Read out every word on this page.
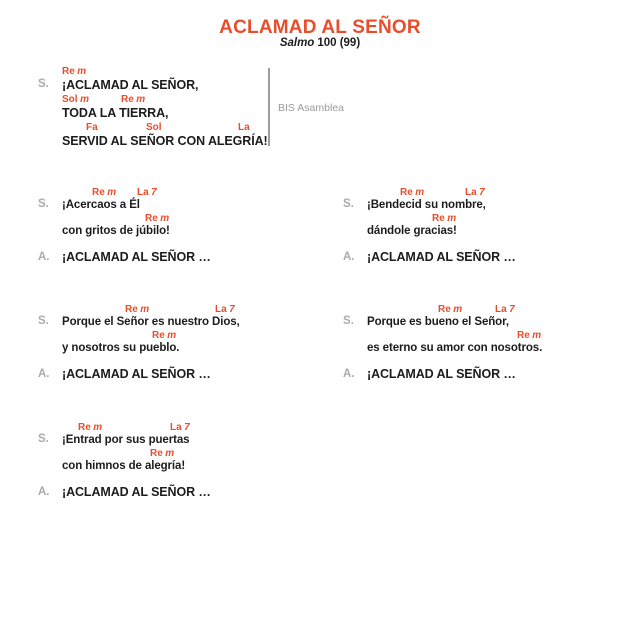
ACLAMAD AL SEÑOR
Salmo 100 (99)
S.
Re m
¡ACLAMAD AL SEÑOR,
Sol m	Re m
TODA LA TIERRA,
Fa	Sol	La
SERVID AL SEÑOR CON ALEGRÍA!
BIS Asamblea
S.
Re m La 7
¡Acercaos a Él
Re m
con gritos de júbilo!
A. ¡ACLAMAD AL SEÑOR …
S.
Re m	La 7
¡Bendecid su nombre,
Re m
dándole gracias!
A. ¡ACLAMAD AL SEÑOR …
S.
Re m	La 7
Porque el Señor es nuestro Dios,
Re m
y nosotros su pueblo.
A. ¡ACLAMAD AL SEÑOR …
S.
Re m	La 7
Porque es bueno el Señor,
Re m
es eterno su amor con nosotros.
A. ¡ACLAMAD AL SEÑOR …
S.
Re m	La 7
¡Entrad por sus puertas
Re m
con himnos de alegría!
A. ¡ACLAMAD AL SEÑOR …
